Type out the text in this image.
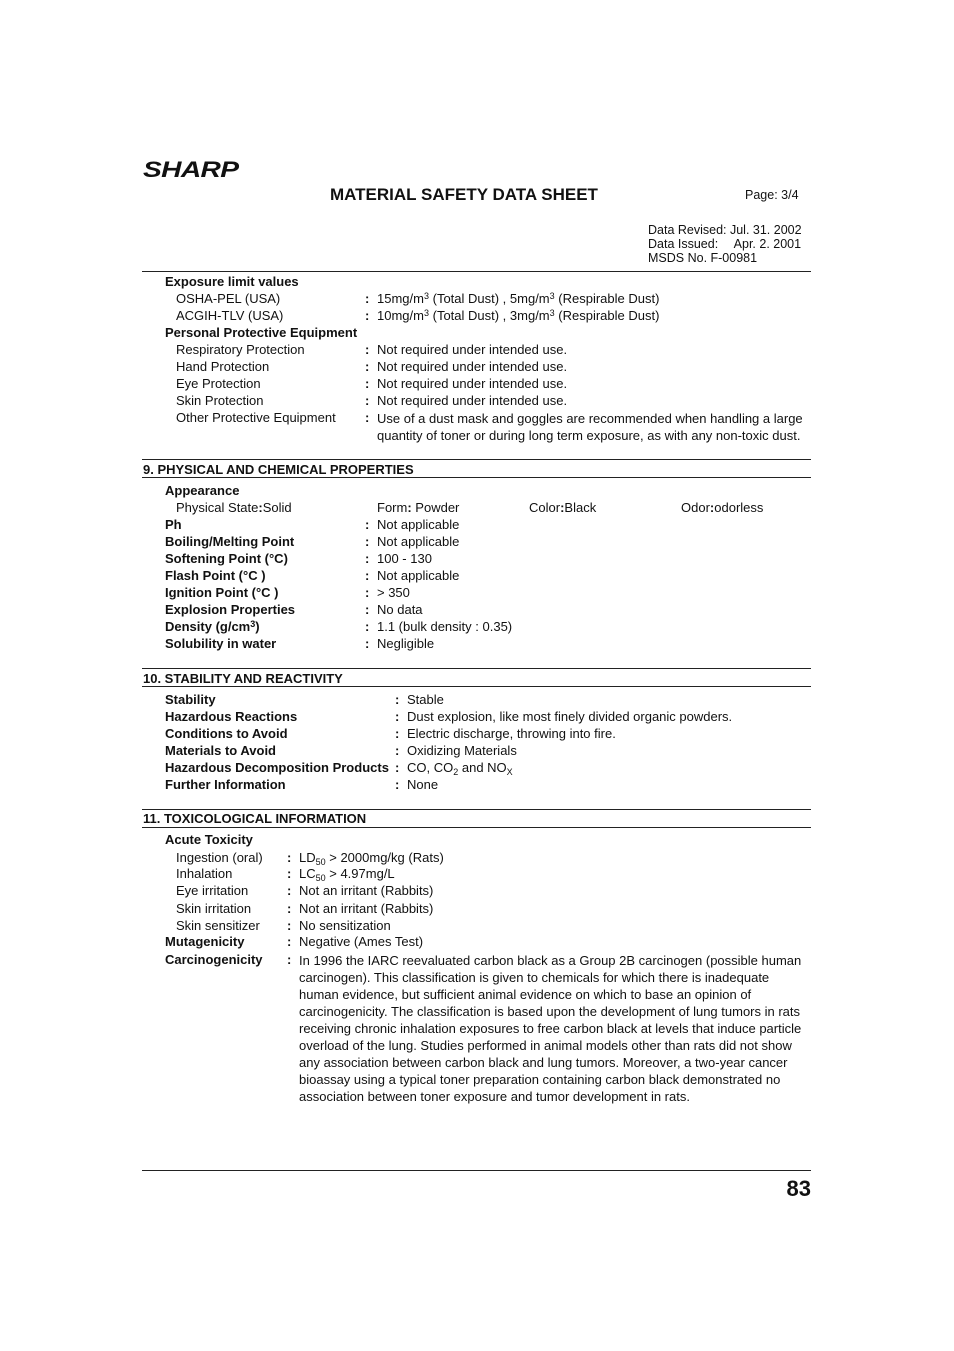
SHARP
MATERIAL SAFETY DATA SHEET	Page: 3/4
Data Revised: Jul. 31. 2002
Data Issued: Apr. 2. 2001
MSDS No. F-00981
Exposure limit values
OSHA-PEL (USA)	: $15mg/m^3$ (Total Dust) , $5mg/m^3$ (Respirable Dust)
ACGIH-TLV (USA)	: $10mg/m^3$ (Total Dust) , $3mg/m^3$ (Respirable Dust)
Personal Protective Equipment
Respiratory Protection	: Not required under intended use.
Hand Protection	: Not required under intended use.
Eye Protection	: Not required under intended use.
Skin Protection	: Not required under intended use.
Other Protective Equipment : Use of a dust mask and goggles are recommended when handling a large quantity of toner or during long term exposure, as with any non-toxic dust.
9. PHYSICAL AND CHEMICAL PROPERTIES
Appearance
Physical State:Solid	Form: Powder	Color:Black	Odor:odorless
Ph	: Not applicable
Boiling/Melting Point	: Not applicable
Softening Point (°C)	: 100 - 130
Flash Point (°C )	: Not applicable
Ignition Point (°C )	: > 350
Explosion Properties	: No data
Density $(g/cm^3)$	: 1.1 (bulk density : 0.35)
Solubility in water	: Negligible
10. STABILITY AND REACTIVITY
Stability	: Stable
Hazardous Reactions	: Dust explosion, like most finely divided organic powders.
Conditions to Avoid	: Electric discharge, throwing into fire.
Materials to Avoid	: Oxidizing Materials
Hazardous Decomposition Products : CO, $CO_2$ and $NO_X$
Further Information	: None
11. TOXICOLOGICAL INFORMATION
Acute Toxicity
Ingestion (oral) : $LD_{50} > 2000mg/kg$ (Rats)
Inhalation	: $LC_{50} > 4.97mg/L$
Eye irritation	: Not an irritant (Rabbits)
Skin irritation	: Not an irritant (Rabbits)
Skin sensitizer : No sensitization
Mutagenicity	: Negative (Ames Test)
Carcinogenicity : In 1996 the IARC reevaluated carbon black as a Group 2B carcinogen (possible human carcinogen). This classification is given to chemicals for which there is inadequate human evidence, but sufficient animal evidence on which to base an opinion of carcinogenicity. The classification is based upon the development of lung tumors in rats receiving chronic inhalation exposures to free carbon black at levels that induce particle overload of the lung. Studies performed in animal models other than rats did not show any association between carbon black and lung tumors. Moreover, a two-year cancer bioassay using a typical toner preparation containing carbon black demonstrated no association between toner exposure and tumor development in rats.
83
